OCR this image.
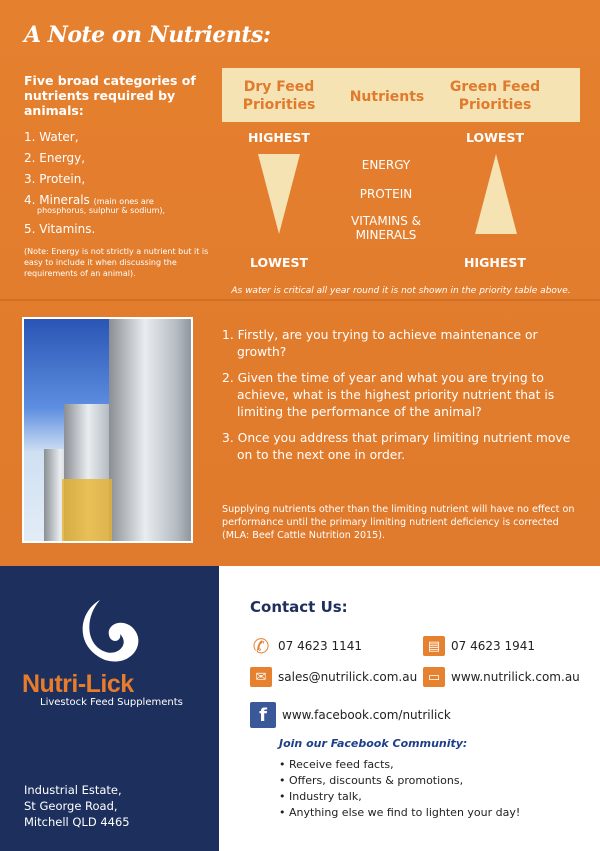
A Note on Nutrients:
Five broad categories of nutrients required by animals:
1. Water,
2. Energy,
3. Protein,
4. Minerals (main ones are
phosphorus, sulphur & sodium),
5. Vitamins.
(Note: Energy is not strictly a nutrient but it is easy to include it when discussing the requirements of an animal).
Dry Feed Priorities	Nutrients
Green Feed Priorities
HIGHEST	LOWEST
ENERGY
PROTEIN
VITAMINS & MINERALS
LOWEST	HIGHEST
As water is critical all year round it is not shown in the priority table above.
1. Firstly, are you trying to achieve maintenance or growth?
2. Given the time of year and what you are trying to achieve, what is the highest priority nutrient that is limiting the performance of the animal?
3. Once you address that primary limiting nutrient move on to the next one in order.
Supplying nutrients other than the limiting nutrient will have no effect on performance until the primary limiting nutrient deficiency is corrected (MLA: Beef Cattle Nutrition 2015).
Nutri-Lick
Livestock Feed Supplements
Industrial Estate,
St George Road,
Mitchell QLD 4465
Contact Us:
✆ 07 4623 1141	▤ 07 4623 1941
✉ sales@nutrilick.com.au ▭ www.nutrilick.com.au
f	www.facebook.com/nutrilick
Join our Facebook Community:
• Receive feed facts,
• Offers, discounts & promotions,
• Industry talk,
• Anything else we find to lighten your day!
